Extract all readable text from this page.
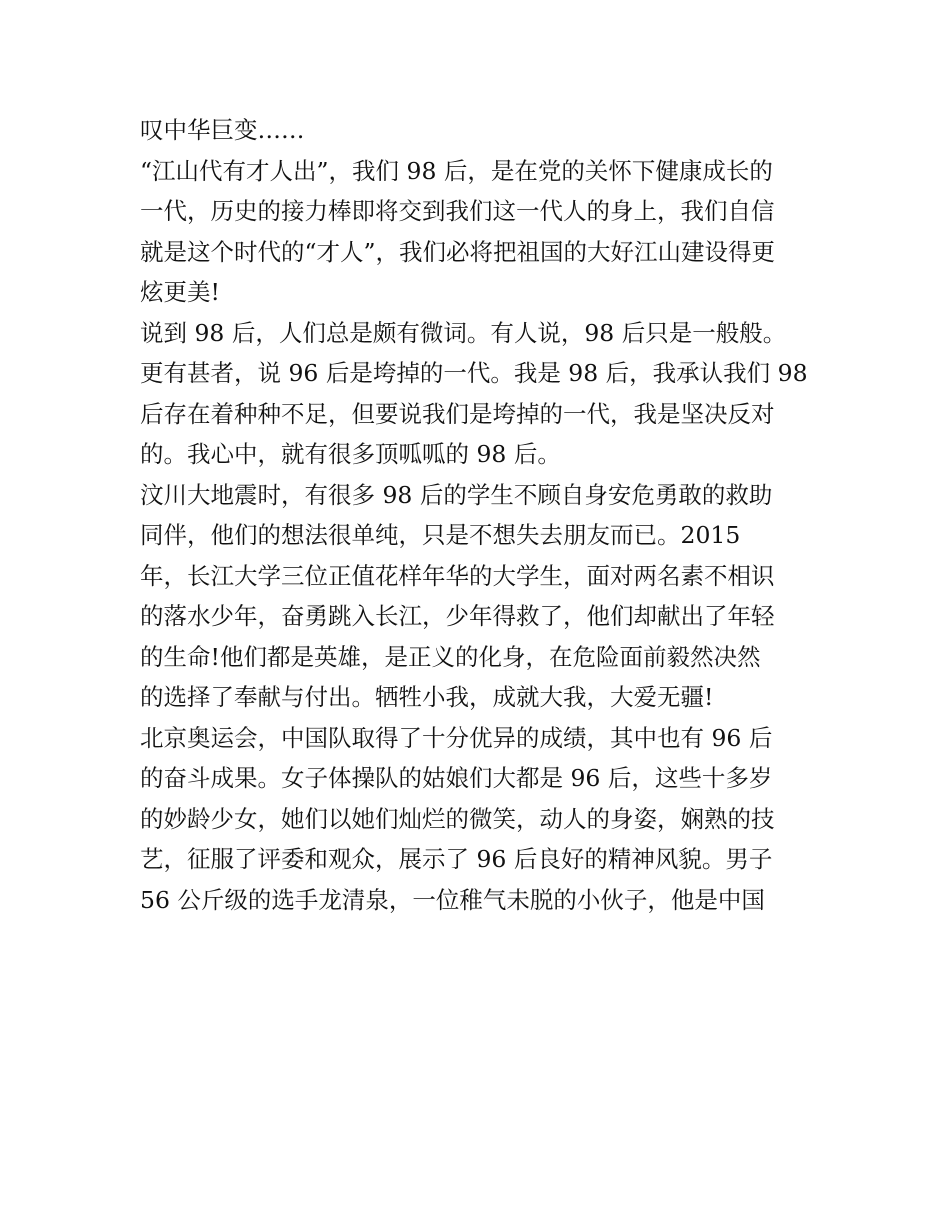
叹中华巨变……
“江山代有才人出”，我们 98 后，是在党的关怀下健康成长的
一代，历史的接力棒即将交到我们这一代人的身上，我们自信
就是这个时代的“才人”，我们必将把祖国的大好江山建设得更
炫更美!
说到 98 后，人们总是颇有微词。有人说，98 后只是一般般。
更有甚者，说 96 后是垮掉的一代。我是 98 后，我承认我们 98
后存在着种种不足，但要说我们是垮掉的一代，我是坚决反对
的。我心中，就有很多顶呱呱的 98 后。
汶川大地震时，有很多 98 后的学生不顾自身安危勇敢的救助
同伴，他们的想法很单纯，只是不想失去朋友而已。2015
年，长江大学三位正值花样年华的大学生，面对两名素不相识
的落水少年，奋勇跳入长江，少年得救了，他们却献出了年轻
的生命!他们都是英雄，是正义的化身，在危险面前毅然决然
的选择了奉献与付出。牺牲小我，成就大我，大爱无疆!
北京奥运会，中国队取得了十分优异的成绩，其中也有 96 后
的奋斗成果。女子体操队的姑娘们大都是 96 后，这些十多岁
的妙龄少女，她们以她们灿烂的微笑，动人的身姿，娴熟的技
艺，征服了评委和观众，展示了 96 后良好的精神风貌。男子
56 公斤级的选手龙清泉，一位稚气未脱的小伙子，他是中国
